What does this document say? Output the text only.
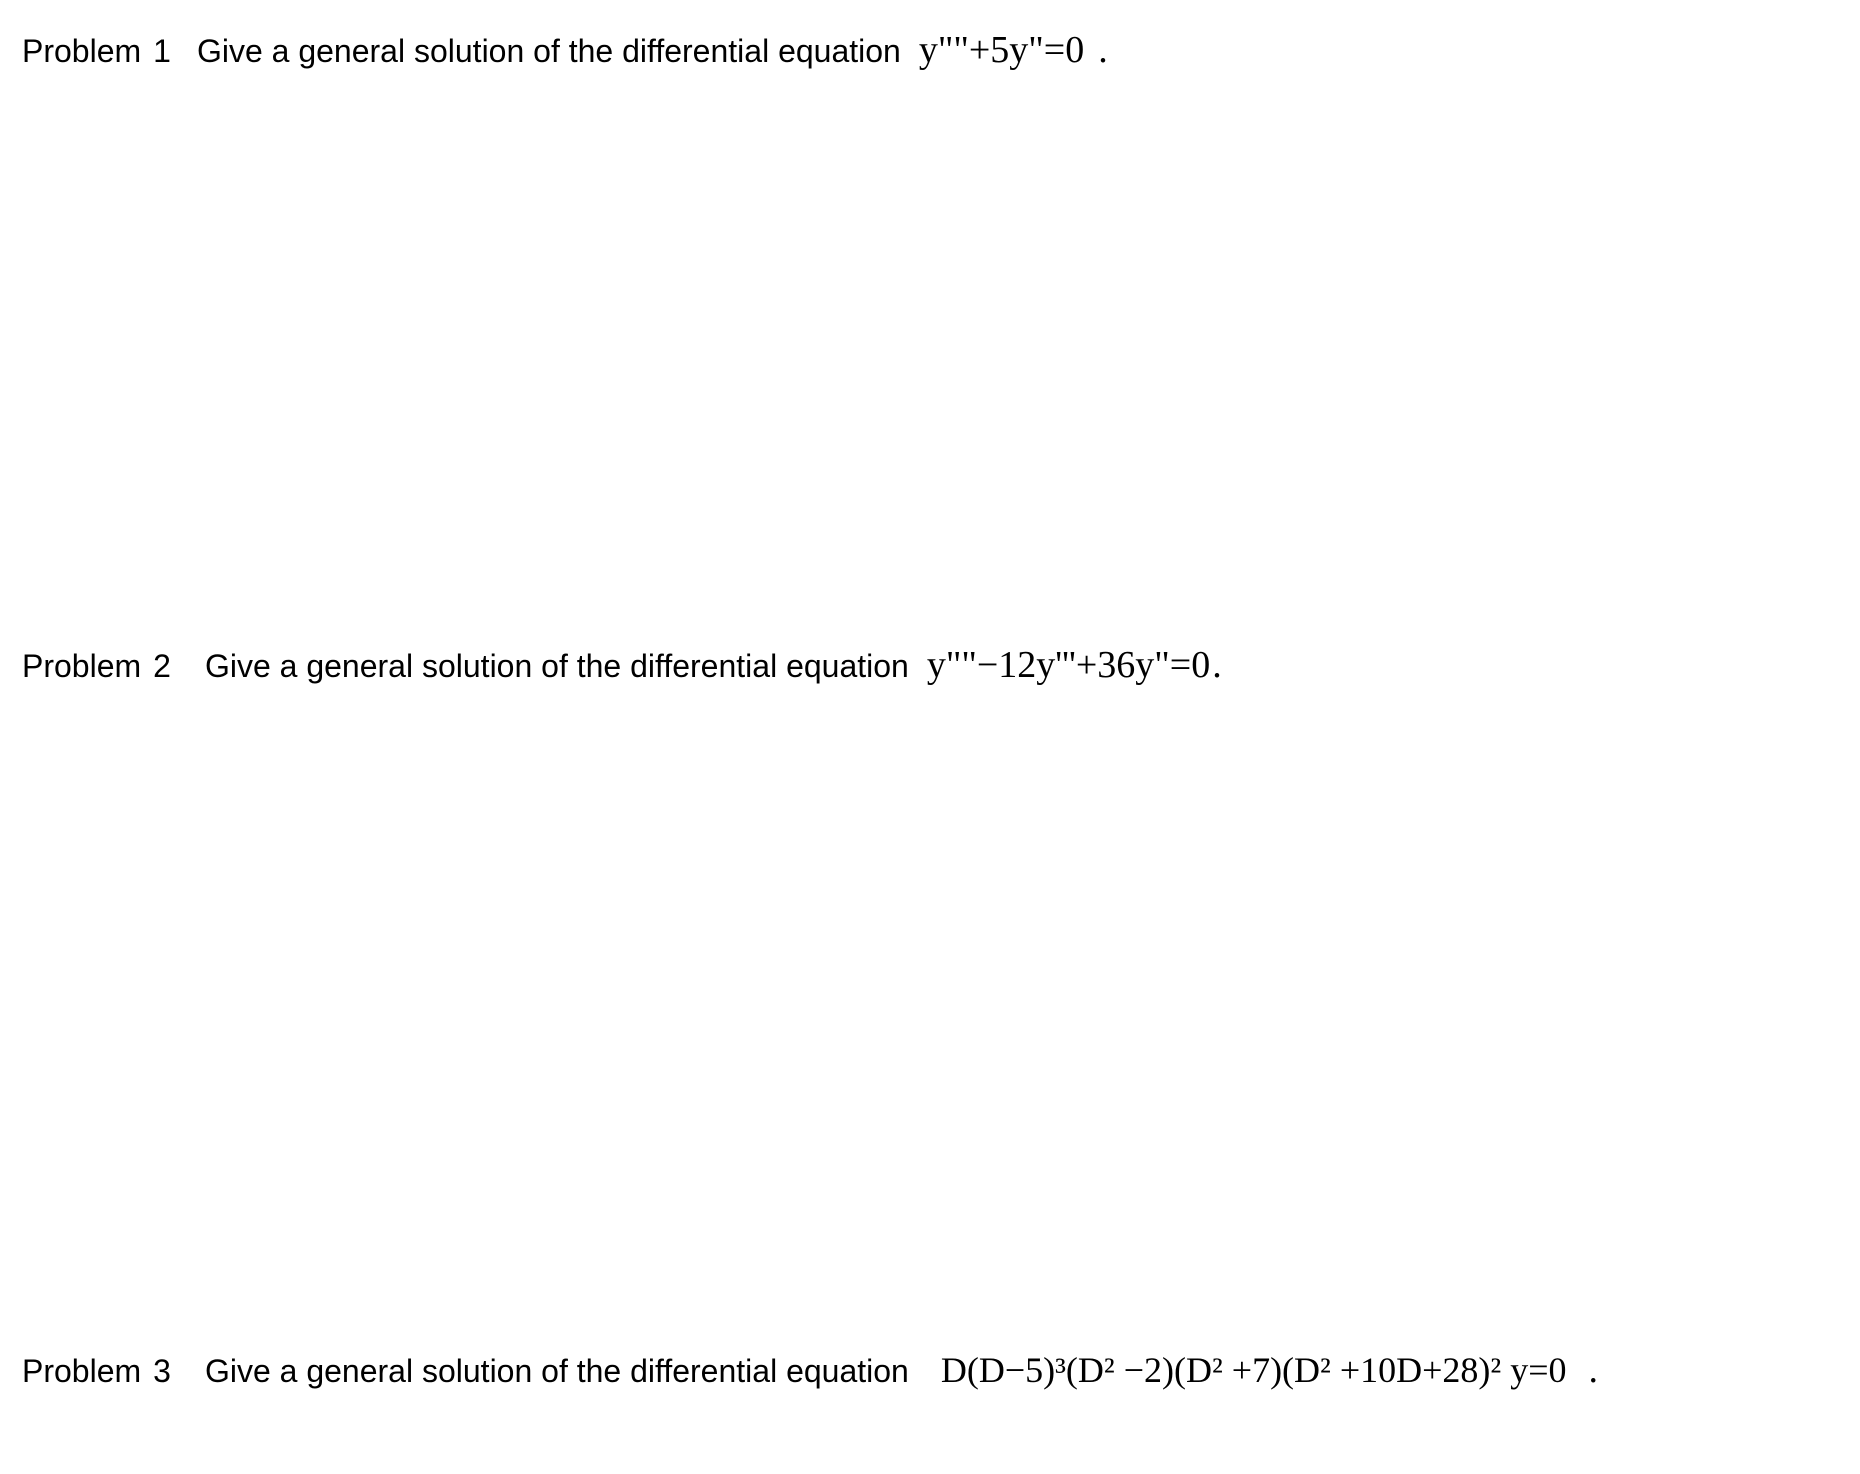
Problem 1 Give a general solution of the differential equation y""+5y"=0 .
Problem 2 Give a general solution of the differential equation y""−12y'''+36y"=0 .
Problem 3 Give a general solution of the differential equation D(D−5)³(D² −2)(D² +7)(D² +10D+28)² y=0 .
